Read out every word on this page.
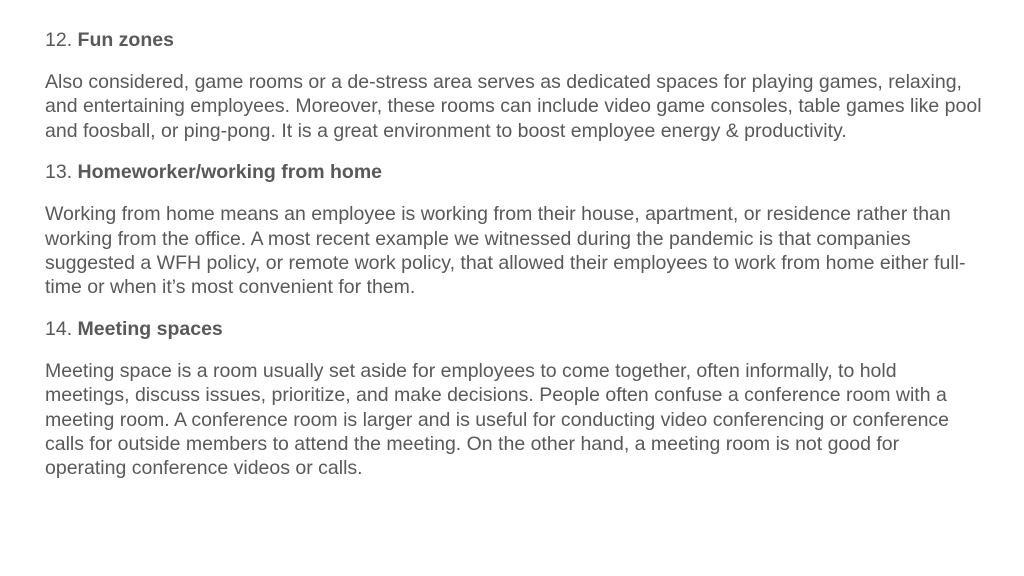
12. Fun zones

Also considered, game rooms or a de-stress area serves as dedicated spaces for playing games, relaxing, and entertaining employees. Moreover, these rooms can include video game consoles, table games like pool and foosball, or ping-pong. It is a great environment to boost employee energy & productivity.

13. Homeworker/working from home

Working from home means an employee is working from their house, apartment, or residence rather than working from the office. A most recent example we witnessed during the pandemic is that companies suggested a WFH policy, or remote work policy, that allowed their employees to work from home either full-time or when it’s most convenient for them.

14. Meeting spaces

Meeting space is a room usually set aside for employees to come together, often informally, to hold meetings, discuss issues, prioritize, and make decisions. People often confuse a conference room with a meeting room. A conference room is larger and is useful for conducting video conferencing or conference calls for outside members to attend the meeting. On the other hand, a meeting room is not good for operating conference videos or calls.
